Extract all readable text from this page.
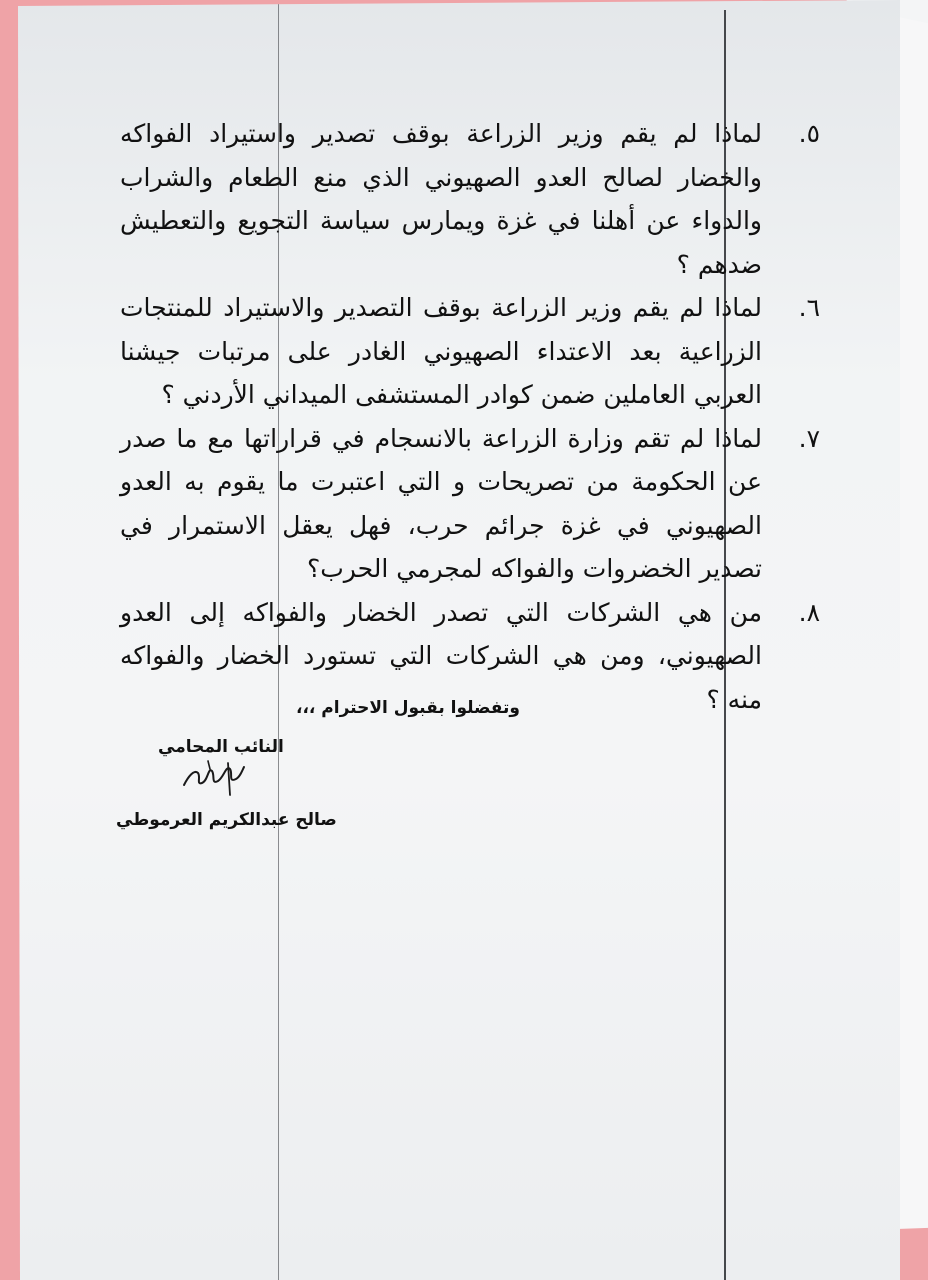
٥.
لماذا لم يقم وزير الزراعة بوقف تصدير واستيراد الفواكه والخضار لصالح العدو الصهيوني الذي منع الطعام والشراب والدواء عن أهلنا في غزة ويمارس سياسة التجويع والتعطيش ضدهم ؟

٦.
لماذا لم يقم وزير الزراعة بوقف التصدير والاستيراد للمنتجات الزراعية بعد الاعتداء الصهيوني الغادر على مرتبات جيشنا العربي العاملين ضمن كوادر المستشفى الميداني الأردني ؟

٧.
لماذا لم تقم وزارة الزراعة بالانسجام في قراراتها مع ما صدر عن الحكومة من تصريحات و التي اعتبرت ما يقوم به العدو الصهيوني في غزة جرائم حرب، فهل يعقل الاستمرار في تصدير الخضروات والفواكه لمجرمي الحرب؟

٨.
من هي الشركات التي تصدر الخضار والفواكه إلى العدو الصهيوني، ومن هي الشركات التي تستورد الخضار والفواكه منه ؟

وتفضلوا بقبول الاحترام ،،،
النائب المحامي
صالح عبدالكريم العرموطي
